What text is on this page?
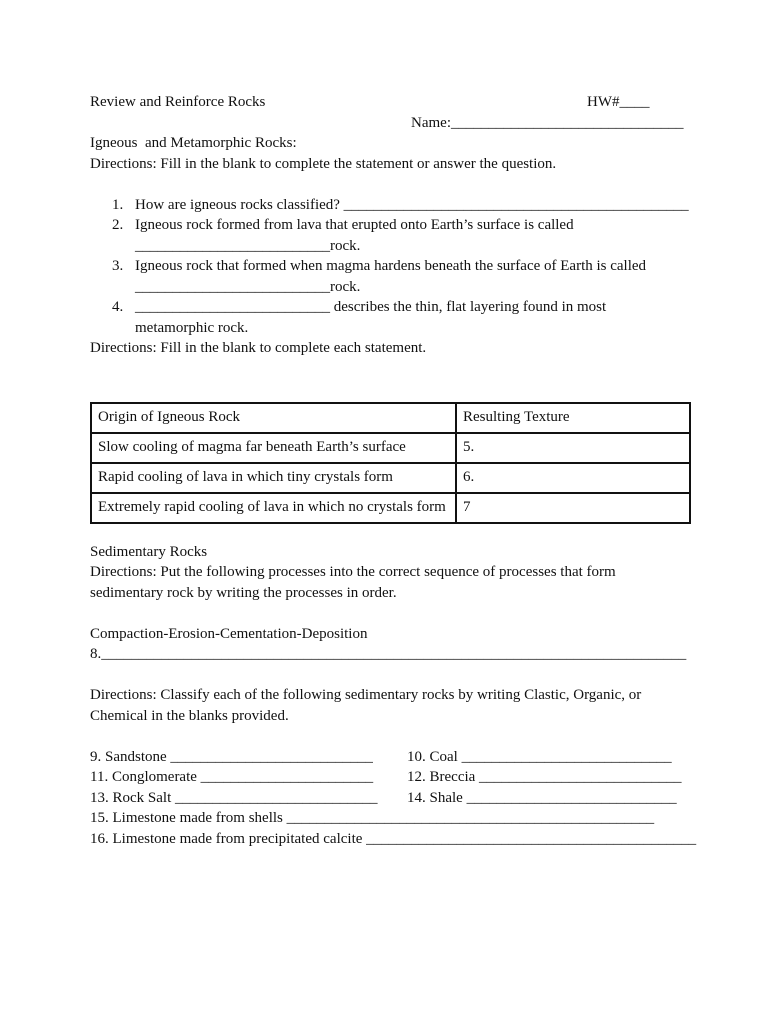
Review and Reinforce Rocks	HW#____
Name:_______________________________
Igneous  and Metamorphic Rocks:
Directions: Fill in the blank to complete the statement or answer the question.
1. How are igneous rocks classified? ______________________________________________
2. Igneous rock formed from lava that erupted onto Earth’s surface is called
__________________________rock.
3. Igneous rock that formed when magma hardens beneath the surface of Earth is called
__________________________rock.
4. __________________________ describes the thin, flat layering found in most
metamorphic rock.
Directions: Fill in the blank to complete each statement.
Origin of Igneous Rock	Resulting Texture
Slow cooling of magma far beneath Earth’s surface	5.
Rapid cooling of lava in which tiny crystals form	6.
Extremely rapid cooling of lava in which no crystals form	7
Sedimentary Rocks
Directions: Put the following processes into the correct sequence of processes that form
sedimentary rock by writing the processes in order.
Compaction-Erosion-Cementation-Deposition
8.______________________________________________________________________________
Directions: Classify each of the following sedimentary rocks by writing Clastic, Organic, or
Chemical in the blanks provided.
9. Sandstone ___________________________ 10. Coal ____________________________
11. Conglomerate _______________________ 12. Breccia ___________________________
13. Rock Salt ___________________________ 14. Shale ____________________________
15. Limestone made from shells _________________________________________________
16. Limestone made from precipitated calcite ____________________________________________
